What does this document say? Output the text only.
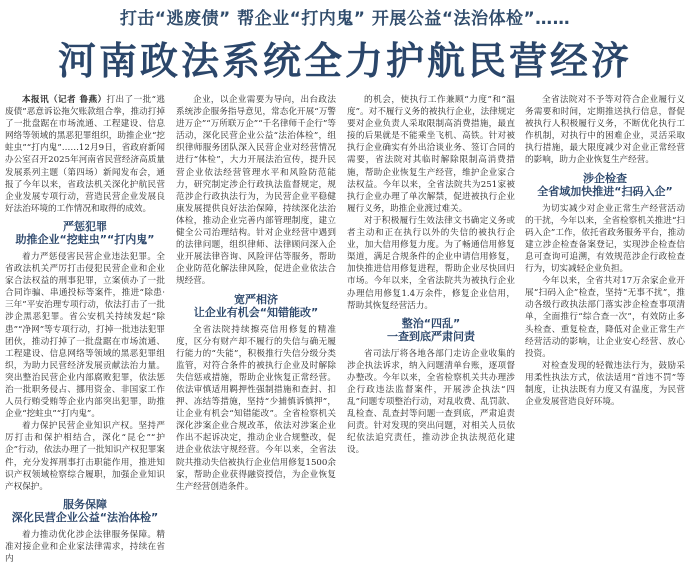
打击“逃废债” 帮企业“打内鬼” 开展公益“法治体检”……
河南政法系统全力护航民营经济

本报讯（记者 鲁燕）打出了一批“逃废债”恶意诉讼拖欠账款组合拳，推动打掉了一批盘踞在市场流通、工程建设、信息网络等领域的黑恶犯罪组织，助推企业“挖蛀虫”“打内鬼”……12月9日，省政府新闻办公室召开2025年河南省民营经济高质量发展系列主题（第四场）新闻发布会，通报了今年以来，省政法机关深化护航民营企业发展专项行动，营造民营企业发展良好法治环境的工作情况和取得的成效。

严惩犯罪
助推企业“挖蛀虫”“打内鬼”

着力严惩侵害民营企业违法犯罪。全省政法机关严厉打击侵犯民营企业和企业家合法权益的刑事犯罪，立案侦办了一批合同诈骗、串通投标等案件，推进“除患·三年”平安治理专项行动，依法打击了一批涉企黑恶犯罪。省公安机关持续发起“除患”“净网”等专项行动，打掉一批违法犯罪团伙，推动打掉了一批盘踞在市场流通、工程建设、信息网络等领域的黑恶犯罪组织，为助力民营经济发展贡献法治力量。突出整治民营企业内部腐败犯罪，依法惩治一批职务侵占、挪用资金、非国家工作人员行贿受贿等企业内部突出犯罪，助推企业“挖蛀虫”“打内鬼”。

着力保护民营企业知识产权。坚持严厉打击和保护相结合，深化“昆仑”“护企”行动，依法办理了一批知识产权犯罪案件，充分发挥刑事打击职能作用，推进知识产权领域检察综合履职，加强企业知识产权保护。

服务保障
深化民营企业公益“法治体检”

着力推动优化涉企法律服务保障。精准对接企业和企业家法律需求，持续在省内

企业，以企业需要为导向，出台政法系统涉企服务指导意见，常态化开展“万警进万企”“万所联万企”“千名律师千企行”等活动，深化民营企业公益“法治体检”，组织律师服务团队深入民营企业对经营情况进行“体检”，大力开展法治宣传，提升民营企业依法经营管理水平和风险防范能力，研究制定涉企行政执法监督规定，规范涉企行政执法行为，为民营企业平稳健康发展提供良好法治保障，持续深化法治体检，推动企业完善内部管理制度，建立健全公司治理结构。针对企业经营中遇到的法律问题，组织律师、法律顾问深入企业开展法律咨询、风险评估等服务，帮助企业防范化解法律风险，促进企业依法合规经营。

宽严相济
让企业有机会“知错能改”

全省法院持续擦亮信用修复的精准度，区分有财产却不履行的失信与确无履行能力的“失能”，积极推行失信分级分类监管，对符合条件的被执行企业及时解除失信惩戒措施，帮助企业恢复正常经营。依法审慎适用羁押性强制措施和查封、扣押、冻结等措施，坚持“少捕慎诉慎押”，让企业有机会“知错能改”。全省检察机关深化涉案企业合规改革，依法对涉案企业作出不起诉决定，推动企业合规整改，促进企业依法守规经营。今年以来，全省法院共推动失信被执行企业信用修复1500余家，帮助企业获得融资授信，为企业恢复生产经营创造条件。

的机会，使执行工作兼顾“力度”和“温度”。对不履行义务的被执行企业，法律规定要对企业负责人采取限制高消费措施，最直接的后果就是不能乘坐飞机、高铁。针对被执行企业确实有外出洽谈业务、签订合同的需要，省法院对其临时解除限制高消费措施，帮助企业恢复生产经营，维护企业家合法权益。今年以来，全省法院共为251家被执行企业办理了单次解禁，促进被执行企业履行义务，助推企业渡过难关。

对于积极履行生效法律文书确定义务或者主动和正在执行以外的失信的被执行企业，加大信用修复力度。为了畅通信用修复渠道，满足合规条件的企业申请信用修复，加快推进信用修复进程，帮助企业尽快回归市场。今年以来，全省法院共为被执行企业办理信用修复1.4万余件，修复企业信用，帮助其恢复经营活力。

整治“四乱”
一查到底严肃问责

省司法厅将各地各部门走访企业收集的涉企执法诉求，纳入问题清单台账，逐项督办整改。今年以来，全省检察机关共办理涉企行政违法监督案件，开展涉企执法“四乱”问题专项整治行动，对乱收费、乱罚款、乱检查、乱查封等问题一查到底，严肃追责问责。针对发现的突出问题，对相关人员依纪依法追究责任，推动涉企执法规范化建设。

全省法院对不予等对符合企业履行义务需要和时间，定期推送执行信息，督促被执行人积极履行义务，不断优化执行工作机制，对执行中的困难企业，灵活采取执行措施，最大限度减少对企业正常经营的影响，助力企业恢复生产经营。

涉企检查
全省域加快推进“扫码入企”

为切实减少对企业正常生产经营活动的干扰，今年以来，全省检察机关推进“扫码入企”工作，依托省政务服务平台，推动建立涉企检查备案登记，实现涉企检查信息可查询可追溯，有效规范涉企行政检查行为，切实减轻企业负担。

今年以来，全省共对17万余家企业开展“扫码入企”检查，坚持“无事不扰”，推动各级行政执法部门落实涉企检查事项清单，全面推行“综合查一次”，有效防止多头检查、重复检查，降低对企业正常生产经营活动的影响，让企业安心经营、放心投资。

对检查发现的轻微违法行为，鼓励采用柔性执法方式，依法适用“首违不罚”等制度，让执法既有力度又有温度，为民营企业发展营造良好环境。
